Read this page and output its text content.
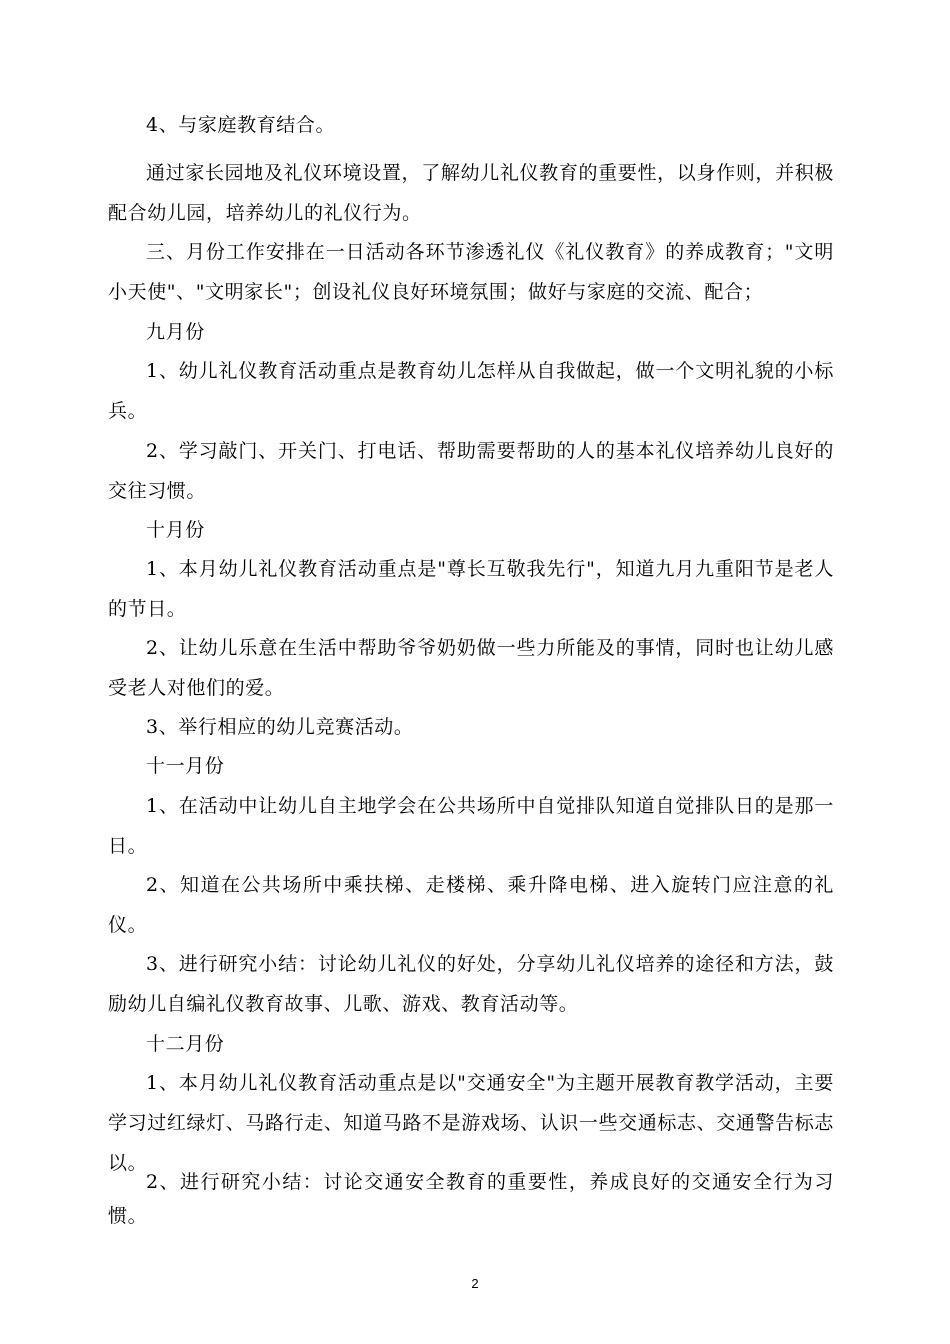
4、与家庭教育结合。

通过家长园地及礼仪环境设置，了解幼儿礼仪教育的重要性，以身作则，并积极配合幼儿园，培养幼儿的礼仪行为。

三、月份工作安排在一日活动各环节渗透礼仪《礼仪教育》的养成教育；"文明小天使"、"文明家长"；创设礼仪良好环境氛围；做好与家庭的交流、配合；

九月份

1、幼儿礼仪教育活动重点是教育幼儿怎样从自我做起，做一个文明礼貌的小标兵。

2、学习敲门、开关门、打电话、帮助需要帮助的人的基本礼仪培养幼儿良好的交往习惯。

十月份

1、本月幼儿礼仪教育活动重点是"尊长互敬我先行"，知道九月九重阳节是老人的节日。

2、让幼儿乐意在生活中帮助爷爷奶奶做一些力所能及的事情，同时也让幼儿感受老人对他们的爱。

3、举行相应的幼儿竞赛活动。

十一月份

1、在活动中让幼儿自主地学会在公共场所中自觉排队知道自觉排队日的是那一日。

2、知道在公共场所中乘扶梯、走楼梯、乘升降电梯、进入旋转门应注意的礼仪。

3、进行研究小结：讨论幼儿礼仪的好处，分享幼儿礼仪培养的途径和方法，鼓励幼儿自编礼仪教育故事、儿歌、游戏、教育活动等。

十二月份

1、本月幼儿礼仪教育活动重点是以"交通安全"为主题开展教育教学活动，主要学习过红绿灯、马路行走、知道马路不是游戏场、认识一些交通标志、交通警告标志以。

2、进行研究小结：讨论交通安全教育的重要性，养成良好的交通安全行为习惯。

2
